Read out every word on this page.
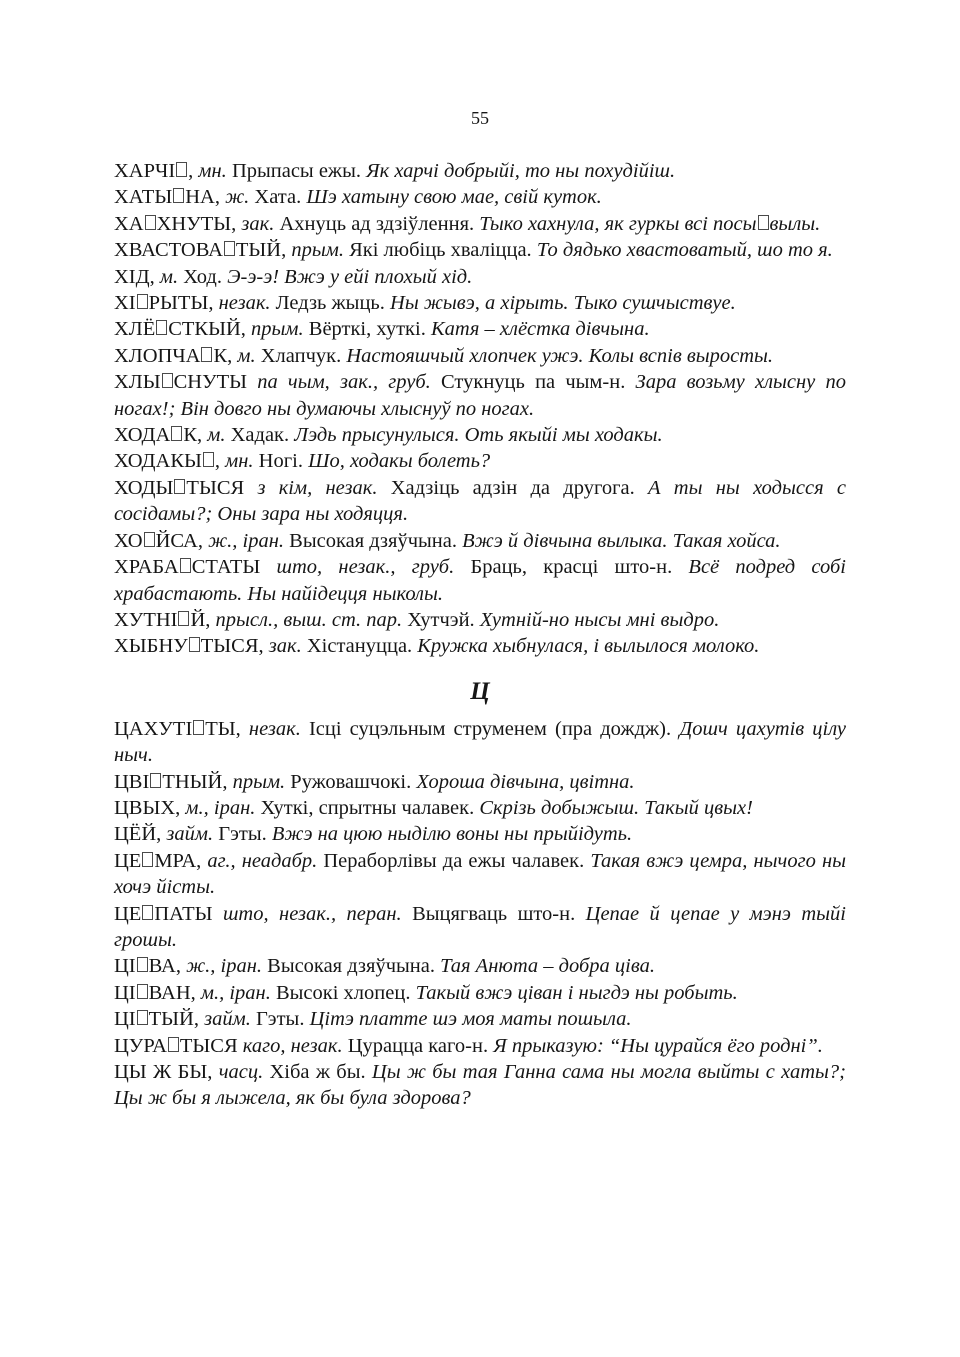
55

ХАРЧІ , мн. Прыпасы ежы. Як харчі добрыйі, то ны похудійіш.

ХАТЫ НА, ж. Хата. Шэ хатыну свою мае, свій куток.

ХА ХНУТЫ, зак. Ахнуць ад здзіўлення. Тыко хахнула, як гуркы всі посы вылы.

ХВАСТОВА ТЫЙ, прым. Які любіць хваліцца. То дядько хвастоватый, шо то я.

ХІД, м. Ход. Э-э-э! Вжэ у ейі плохый хід.

ХІ РЫТЫ, незак. Ледзь жыць. Ны жывэ, а хірыть. Тыко сушчыствуе.

ХЛЁ СТКЫЙ, прым. Вёрткі, хуткі. Катя – хлёстка дівчына.

ХЛОПЧА К, м. Хлапчук. Настояшчый хлопчек ужэ. Колы вспів выросты.

ХЛЫ СНУТЫ па чым, зак., груб. Стукнуць па чым-н. Зара возьму хлысну по ногах!; Він довго ны думаючы хлыснуў по ногах.

ХОДА К, м. Хадак. Лэдь прысунулыся. Оть якыйі мы ходакы.

ХОДАКЫ , мн. Ногі. Шо, ходакы болеть?

ХОДЫ ТЫСЯ з кім, незак. Хадзіць адзін да другога. А ты ны ходысся с сосідамы?; Оны зара ны ходяцця.

ХО ЙСА, ж., іран. Высокая дзяўчына. Вжэ й дівчына вылыка. Такая хойса.

ХРАБА СТАТЫ што, незак., груб. Браць, красці што-н. Всё подред собі храбастають. Ны найідецця ныколы.

ХУТНІ Й, прысл., выш. ст. пар. Хутчэй. Хутній-но нысы мні выдро.

ХЫБНУ ТЫСЯ, зак. Хістануцца. Кружка хыбнулася, і вылылося молоко.

Ц

ЦАХУТІ ТЫ, незак. Ісці суцэльным струменем (пра дождж). Дошч цахутів цілу ныч.

ЦВІ ТНЫЙ, прым. Ружовашчокі. Хороша дівчына, цвітна.

ЦВЫХ, м., іран. Хуткі, спрытны чалавек. Скрізь добыжыш. Такый цвых!

ЦЁЙ, займ. Гэты. Вжэ на цюю ныділю воны ны прыйідуть.

ЦЕ МРА, аг., неадабр. Пераборлівы да ежы чалавек. Такая вжэ цемра, нычого ны хочэ йісты.

ЦЕ ПАТЫ што, незак., перан. Выцягваць што-н. Цепае й цепае у мэнэ тыйі грошы.

ЦІ ВА, ж., іран. Высокая дзяўчына. Тая Анюта – добра ціва.

ЦІ ВАН, м., іран. Высокі хлопец. Такый вжэ ціван і ныгдэ ны робыть.

ЦІ ТЫЙ, займ. Гэты. Цітэ платте шэ моя маты пошыла.

ЦУРА ТЫСЯ каго, незак. Цурацца каго-н. Я прыказую: “Ны цурайся ёго родні”.

ЦЫ Ж БЫ, часц. Хіба ж бы. Цы ж бы тая Ганна сама ны могла выйты с хаты?; Цы ж бы я лыжела, як бы була здорова?
